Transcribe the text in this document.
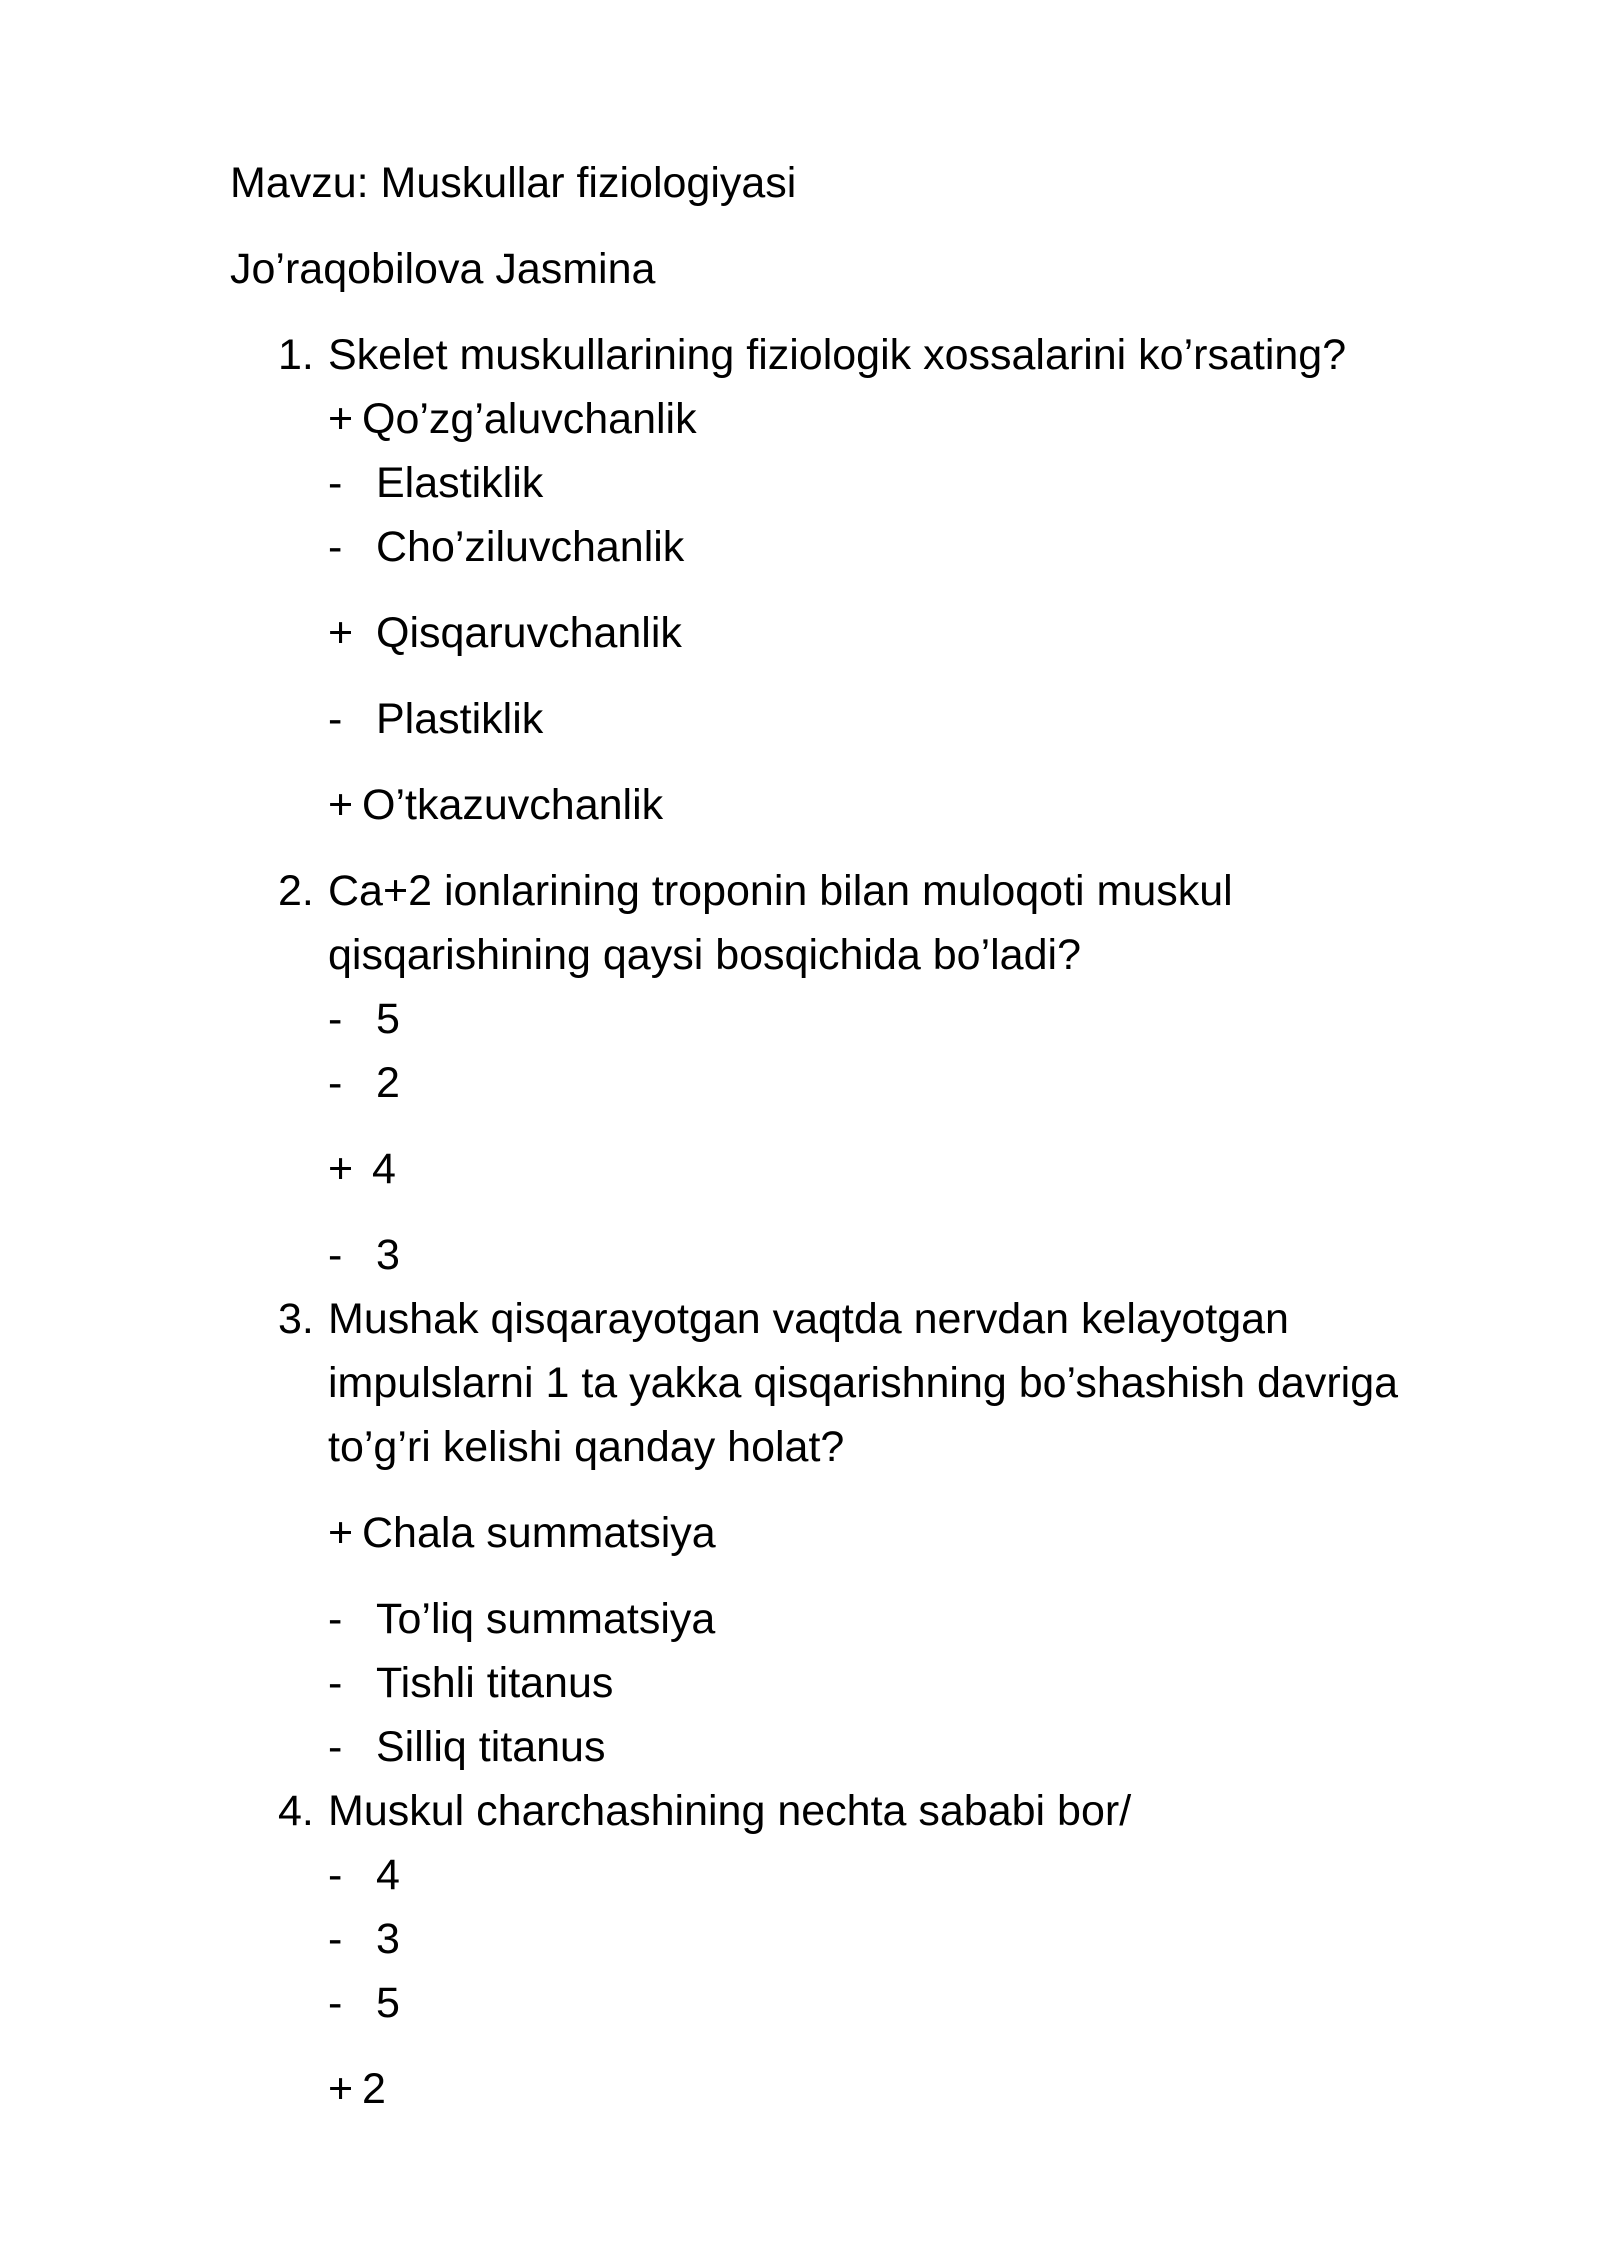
Mavzu: Muskullar fiziologiyasi
Jo’raqobilova Jasmina
1. Skelet muskullarining fiziologik xossalarini ko’rsating?
+ Qo’zg’aluvchanlik
- Elastiklik
- Cho’ziluvchanlik
+ Qisqaruvchanlik
- Plastiklik
+ O’tkazuvchanlik
2. Ca+2 ionlarining troponin bilan muloqoti muskul
qisqarishining qaysi bosqichida bo’ladi?
- 5
- 2
+ 4
- 3
3. Mushak qisqarayotgan vaqtda nervdan kelayotgan
impulslarni 1 ta yakka qisqarishning bo’shashish davriga
to’g’ri kelishi qanday holat?
+ Chala summatsiya
- To’liq summatsiya
- Tishli titanus
- Silliq titanus
4. Muskul charchashining nechta sababi bor/
- 4
- 3
- 5
+ 2
